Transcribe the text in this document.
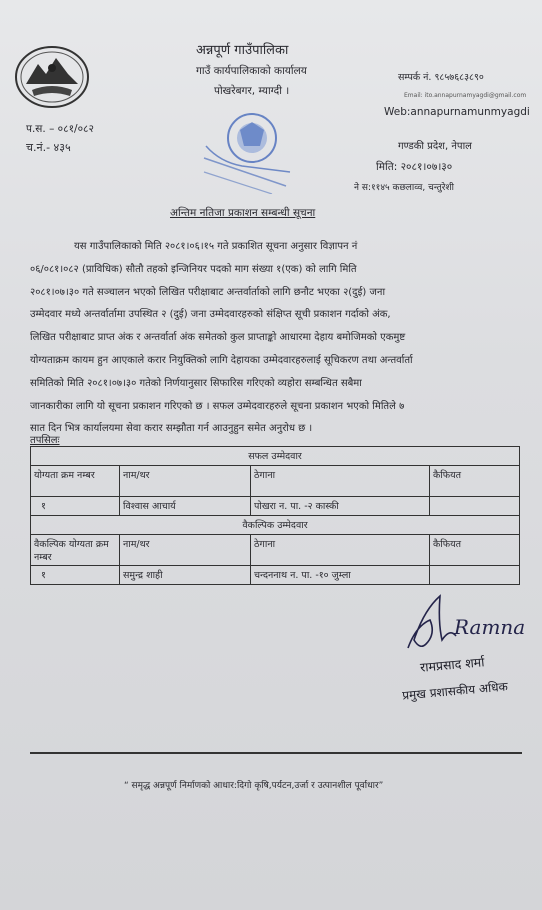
अन्नपूर्ण गाउँपालिका
गाउँ कार्यपालिकाको कार्यालय
पोखरेबगर, म्याग्दी ।
सम्पर्क नं. ९८५७६८३८९०
Email: ito.annapurnamyagdi@gmail.com
Web:annapurnamunmyagdi
प.स. – ०८१/०८२
च.नं.- ४३५	गण्डकी प्रदेश, नेपाल
मिति: २०८१।०७।३०
ने स:११४५ कछलाव्व, चन्तुरेशी
अन्तिम नतिजा प्रकाशन सम्बन्धी सूचना
यस गाउँपालिकाको मिति २०८१।०६।१५ गते प्रकाशित सूचना अनुसार विज्ञापन नं
०६/०८१।०८२ (प्राविधिक) सौतौ तहको इन्जिनियर पदको माग संख्या १(एक) को लागि मिति
२०८१।०७।३० गते सञ्चालन भएको लिखित परीक्षाबाट अन्तर्वार्ताको लागि छनौट भएका २(दुई) जना
उम्मेदवार मध्ये अन्तर्वार्तामा उपस्थित २ (दुई) जना उम्मेदवारहरुको संक्षिप्त सूची प्रकाशन गर्दाको अंक,
लिखित परीक्षाबाट प्राप्त अंक र अन्तर्वार्ता अंक समेतको कुल प्राप्ताङ्को आधारमा देहाय बमोजिमको एकमुष्ट
योग्यताक्रम कायम हुन आएकाले करार नियुक्तिको लागि देहायका उम्मेदवारहरुलाई सूचिकरण तथा अन्तर्वार्ता
समितिको मिति २०८१।०७।३० गतेको निर्णयानुसार सिफारिस गरिएको व्यहोरा सम्बन्धित सबैमा
जानकारीका लागि यो सूचना प्रकाशन गरिएको छ । सफल उम्मेदवारहरुले सूचना प्रकाशन भएको मितिले ७
सात दिन भित्र कार्यालयमा सेवा करार सम्झौता गर्न आउनुहुन समेत अनुरोध छ ।
तपसिलः
सफल उम्मेदवार			
योग्यता क्रम नम्बर	नाम/थर	ठेगाना	कैफियत
१	विश्वास आचार्य	पोखरा न. पा. -२ कास्की	
वैकल्पिक उम्मेदवार			
वैकल्पिक योग्यता क्रम नम्बर	नाम/थर	ठेगाना	कैफियत
१	समुन्द्र शाही	चन्दननाथ न. पा. -१० जुम्ला	
Ramna
रामप्रसाद शर्मा
प्रमुख प्रशासकीय अधिक
“ समृद्ध अन्नपूर्ण निर्माणको आधार:दिगो कृषि,पर्यटन,उर्जा र उत्पानशील पूर्वाधार”
